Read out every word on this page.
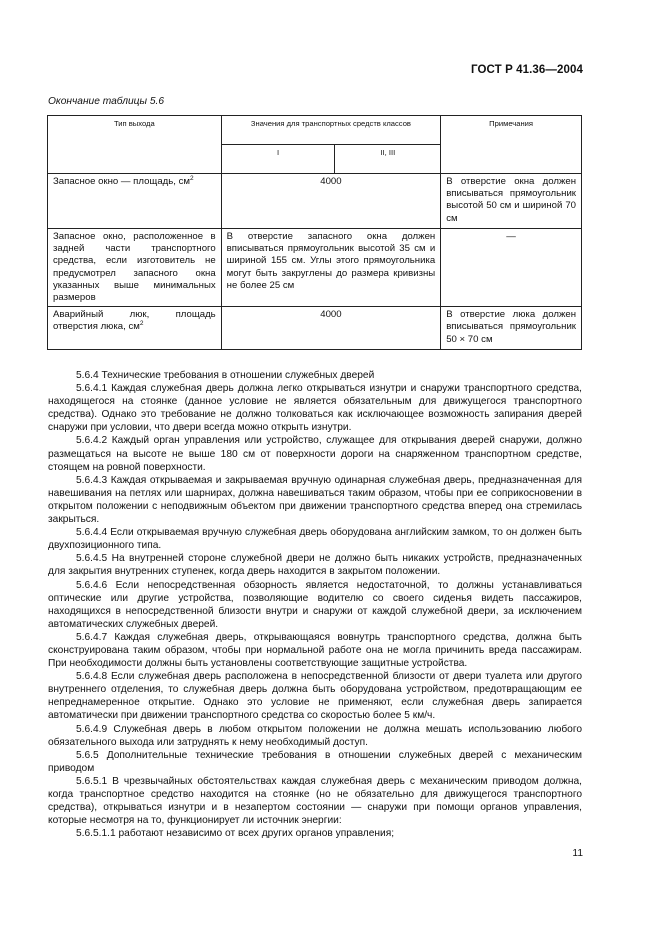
ГОСТ Р 41.36—2004
Окончание таблицы 5.6
Тип выхода	Значения для транспортных средств классов		Примечания
	I	II, III	
Запасное окно — площадь, $см^2$	4000		В отверстие окна должен вписываться прямоугольник высотой 50 см и шириной 70 см
Запасное окно, расположенное в задней части транспортного средства, если изготовитель не предусмотрел запасного окна указанных выше минимальных размеров	В отверстие запасного окна должен вписываться прямоугольник высотой 35 см и шириной 155 см. Углы этого прямоугольника могут быть закруглены до размера кривизны не более 25 см		—
Аварийный люк, площадь отверстия люка, $см^2$	4000		В отверстие люка должен вписываться прямоугольник 50 × 70 см

5.6.4 Технические требования в отношении служебных дверей

5.6.4.1 Каждая служебная дверь должна легко открываться изнутри и снаружи транспортного средства, находящегося на стоянке (данное условие не является обязательным для движущегося транспортного средства). Однако это требование не должно толковаться как исключающее возможность запирания дверей снаружи при условии, что двери всегда можно открыть изнутри.

5.6.4.2 Каждый орган управления или устройство, служащее для открывания дверей снаружи, должно размещаться на высоте не выше 180 см от поверхности дороги на снаряженном транспортном средстве, стоящем на ровной поверхности.

5.6.4.3 Каждая открываемая и закрываемая вручную одинарная служебная дверь, предназначенная для навешивания на петлях или шарнирах, должна навешиваться таким образом, чтобы при ее соприкосновении в открытом положении с неподвижным объектом при движении транспортного средства вперед она стремилась закрыться.

5.6.4.4 Если открываемая вручную служебная дверь оборудована английским замком, то он должен быть двухпозиционного типа.

5.6.4.5 На внутренней стороне служебной двери не должно быть никаких устройств, предназначенных для закрытия внутренних ступенек, когда дверь находится в закрытом положении.

5.6.4.6 Если непосредственная обзорность является недостаточной, то должны устанавливаться оптические или другие устройства, позволяющие водителю со своего сиденья видеть пассажиров, находящихся в непосредственной близости внутри и снаружи от каждой служебной двери, за исключением автоматических служебных дверей.

5.6.4.7 Каждая служебная дверь, открывающаяся вовнутрь транспортного средства, должна быть сконструирована таким образом, чтобы при нормальной работе она не могла причинить вреда пассажирам. При необходимости должны быть установлены соответствующие защитные устройства.

5.6.4.8 Если служебная дверь расположена в непосредственной близости от двери туалета или другого внутреннего отделения, то служебная дверь должна быть оборудована устройством, предотвращающим ее непреднамеренное открытие. Однако это условие не применяют, если служебная дверь запирается автоматически при движении транспортного средства со скоростью более 5 км/ч.

5.6.4.9 Служебная дверь в любом открытом положении не должна мешать использованию любого обязательного выхода или затруднять к нему необходимый доступ.

5.6.5 Дополнительные технические требования в отношении служебных дверей с механическим приводом

5.6.5.1 В чрезвычайных обстоятельствах каждая служебная дверь с механическим приводом должна, когда транспортное средство находится на стоянке (но не обязательно для движущегося транспортного средства), открываться изнутри и в незапертом состоянии — снаружи при помощи органов управления, которые несмотря на то, функционирует ли источник энергии:

5.6.5.1.1 работают независимо от всех других органов управления;

11
